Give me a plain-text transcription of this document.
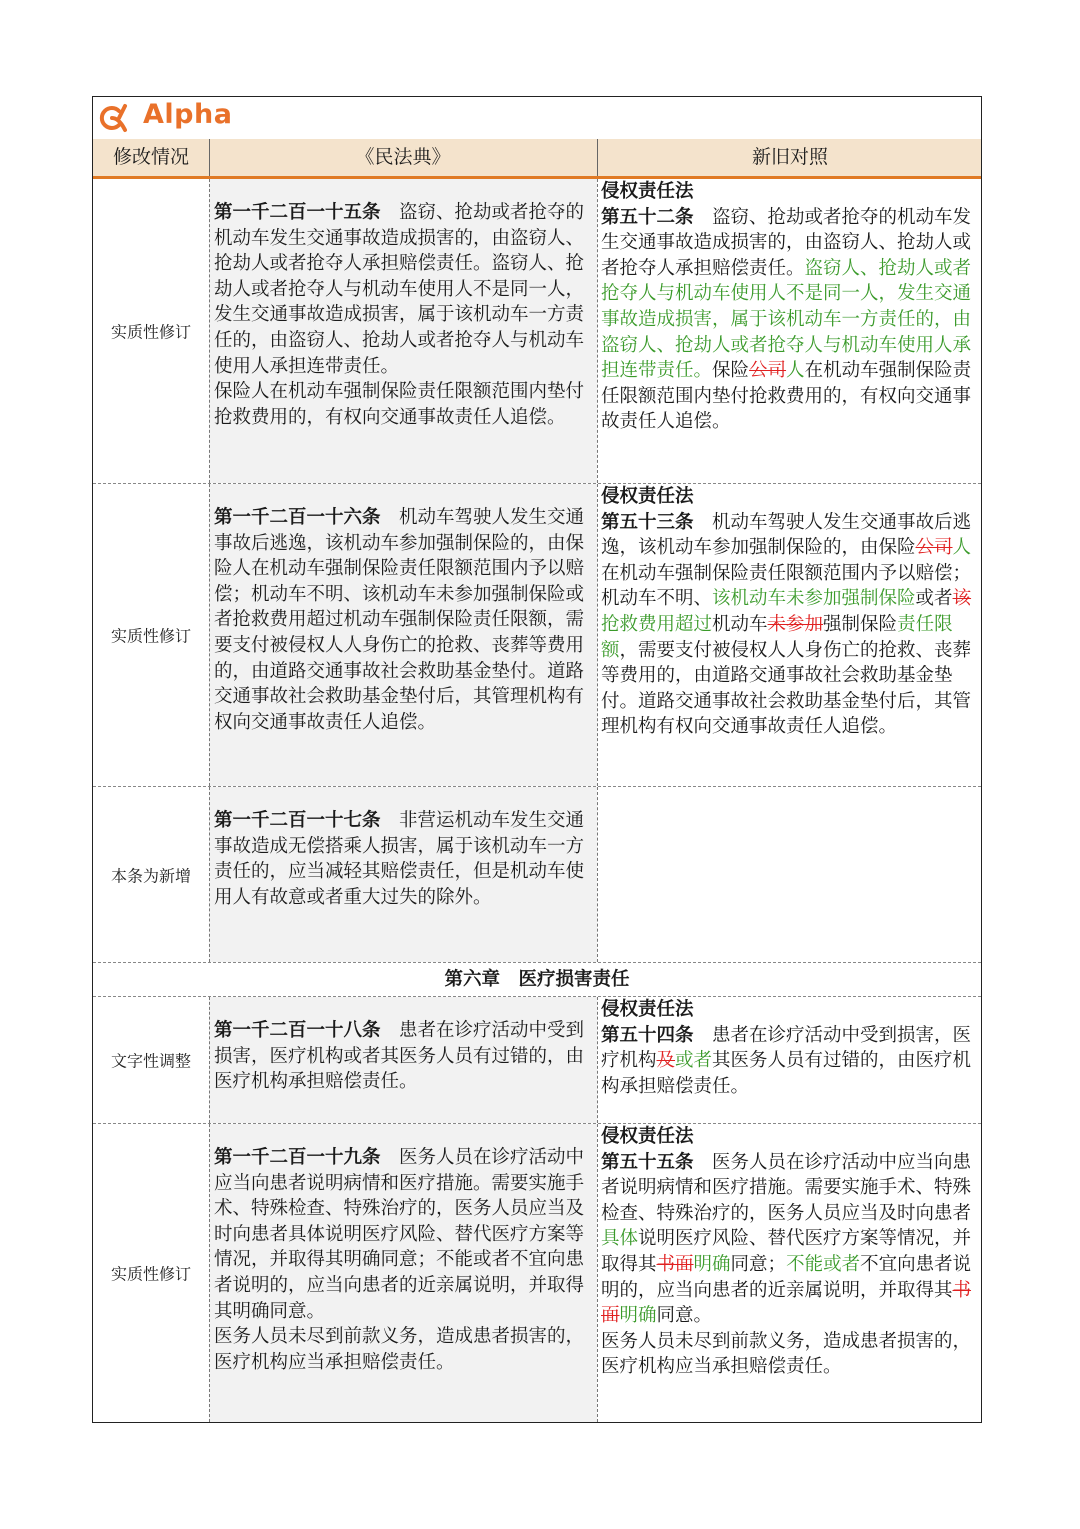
Alpha
修改情况	《民法典》	新旧对照
实质性修订
第一千二百一十五条　 盗窃、抢劫或者抢夺的机动车发生交通事故造成损害的，由盗窃人、抢劫人或者抢夺人承担赔偿责任。盗窃人、抢劫人或者抢夺人与机动车使用人不是同一人，发生交通事故造成损害，属于该机动车一方责任的，由盗窃人、抢劫人或者抢夺人与机动车使用人承担连带责任。
保险人在机动车强制保险责任限额范围内垫付抢救费用的，有权向交通事故责任人追偿。
侵权责任法
第五十二条　 盗窃、抢劫或者抢夺的机动车发生交通事故造成损害的，由盗窃人、抢劫人或者抢夺人承担赔偿责任。盗窃人、抢劫人或者抢夺人与机动车使用人不是同一人，发生交通事故造成损害，属于该机动车一方责任的，由盗窃人、抢劫人或者抢夺人与机动车使用人承担连带责任。保险公司人在机动车强制保险责任限额范围内垫付抢救费用的，有权向交通事故责任人追偿。
实质性修订
第一千二百一十六条　 机动车驾驶人发生交通事故后逃逸，该机动车参加强制保险的，由保险人在机动车强制保险责任限额范围内予以赔偿；机动车不明、该机动车未参加强制保险或者抢救费用超过机动车强制保险责任限额，需要支付被侵权人人身伤亡的抢救、丧葬等费用的，由道路交通事故社会救助基金垫付。道路交通事故社会救助基金垫付后，其管理机构有权向交通事故责任人追偿。
侵权责任法
第五十三条　 机动车驾驶人发生交通事故后逃逸，该机动车参加强制保险的，由保险公司人在机动车强制保险责任限额范围内予以赔偿；机动车不明、该机动车未参加强制保险或者该抢救费用超过机动车未参加强制保险责任限额，需要支付被侵权人人身伤亡的抢救、丧葬等费用的，由道路交通事故社会救助基金垫付。道路交通事故社会救助基金垫付后，其管理机构有权向交通事故责任人追偿。
本条为新增
第一千二百一十七条　 非营运机动车发生交通事故造成无偿搭乘人损害，属于该机动车一方责任的，应当减轻其赔偿责任，但是机动车使用人有故意或者重大过失的除外。
第六章　医疗损害责任
文字性调整
第一千二百一十八条　 患者在诊疗活动中受到损害，医疗机构或者其医务人员有过错的，由医疗机构承担赔偿责任。
侵权责任法
第五十四条　 患者在诊疗活动中受到损害，医疗机构及或者其医务人员有过错的，由医疗机构承担赔偿责任。
实质性修订
第一千二百一十九条　 医务人员在诊疗活动中应当向患者说明病情和医疗措施。需要实施手术、特殊检查、特殊治疗的，医务人员应当及时向患者具体说明医疗风险、替代医疗方案等情况，并取得其明确同意；不能或者不宜向患者说明的，应当向患者的近亲属说明，并取得其明确同意。
医务人员未尽到前款义务，造成患者损害的，医疗机构应当承担赔偿责任。
侵权责任法
第五十五条　 医务人员在诊疗活动中应当向患者说明病情和医疗措施。需要实施手术、特殊检查、特殊治疗的，医务人员应当及时向患者具体说明医疗风险、替代医疗方案等情况，并取得其书面明确同意；不能或者不宜向患者说明的，应当向患者的近亲属说明，并取得其书面明确同意。
医务人员未尽到前款义务，造成患者损害的，医疗机构应当承担赔偿责任。
